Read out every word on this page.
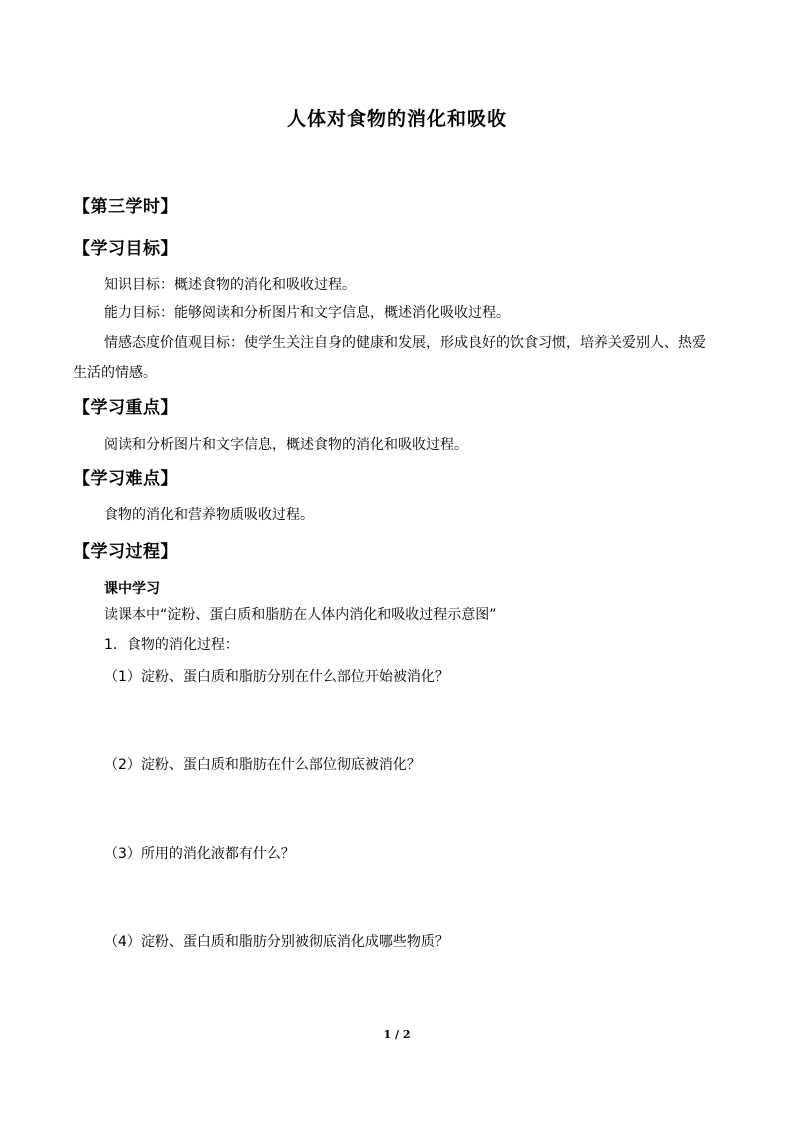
人体对食物的消化和吸收
【第三学时】
【学习目标】
知识目标：概述食物的消化和吸收过程。
能力目标：能够阅读和分析图片和文字信息，概述消化吸收过程。
情感态度价值观目标：使学生关注自身的健康和发展，形成良好的饮食习惯，培养关爱别人、热爱生活的情感。
【学习重点】
阅读和分析图片和文字信息，概述食物的消化和吸收过程。
【学习难点】
食物的消化和营养物质吸收过程。
【学习过程】
课中学习
读课本中“淀粉、蛋白质和脂肪在人体内消化和吸收过程示意图”
1．食物的消化过程：
（1）淀粉、蛋白质和脂肪分别在什么部位开始被消化？
（2）淀粉、蛋白质和脂肪在什么部位彻底被消化？
（3）所用的消化液都有什么？
（4）淀粉、蛋白质和脂肪分别被彻底消化成哪些物质？
1 / 2
